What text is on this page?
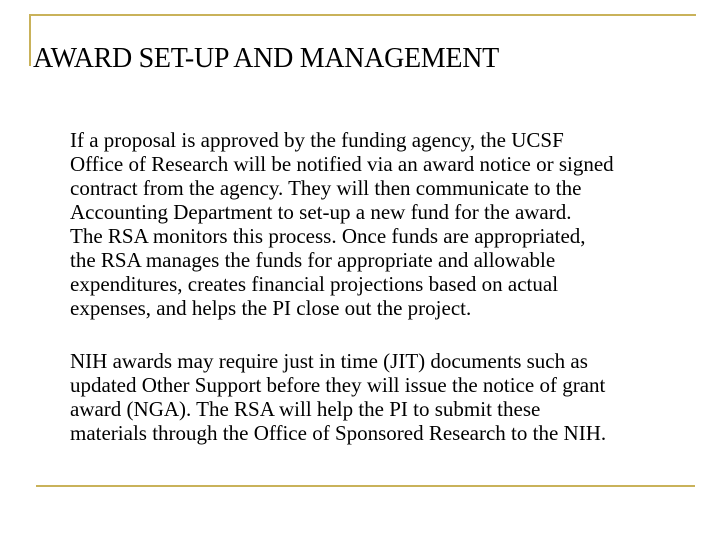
AWARD SET-UP AND MANAGEMENT

If a proposal is approved by the funding agency, the UCSF
Office of Research will be notified via an award notice or signed
contract from the agency. They will then communicate to the
Accounting Department to set-up a new fund for the award.
The RSA monitors this process. Once funds are appropriated,
the RSA manages the funds for appropriate and allowable
expenditures, creates financial projections based on actual
expenses, and helps the PI close out the project.

NIH awards may require just in time (JIT) documents such as
updated Other Support before they will issue the notice of grant
award (NGA). The RSA will help the PI to submit these
materials through the Office of Sponsored Research to the NIH.
